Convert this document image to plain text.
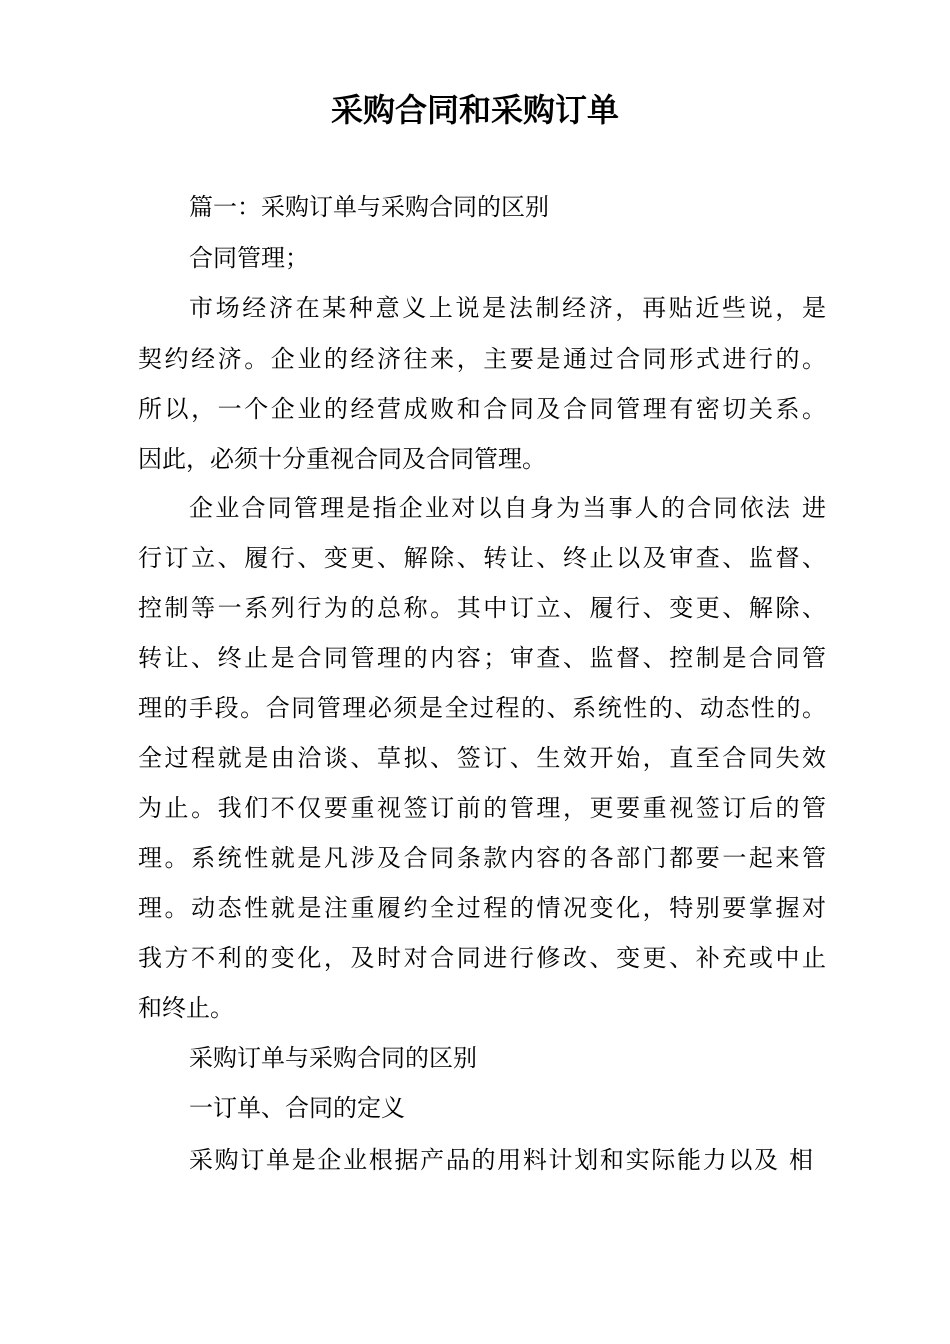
采购合同和采购订单

篇一：采购订单与采购合同的区别

合同管理；

市场经济在某种意义上说是法制经济，再贴近些说，是

契约经济。企业的经济往来，主要是通过合同形式进行的。

所以，一个企业的经营成败和合同及合同管理有密切关系。

因此，必须十分重视合同及合同管理。

企业合同管理是指企业对以自身为当事人的合同依法 进

行订立、履行、变更、解除、转让、终止以及审查、监督、

控制等一系列行为的总称。其中订立、履行、变更、解除、

转让、终止是合同管理的内容；审查、监督、控制是合同管

理的手段。合同管理必须是全过程的、系统性的、动态性的。

全过程就是由洽谈、草拟、签订、生效开始，直至合同失效

为止。我们不仅要重视签订前的管理，更要重视签订后的管

理。系统性就是凡涉及合同条款内容的各部门都要一起来管

理。动态性就是注重履约全过程的情况变化，特别要掌握对

我方不利的变化，及时对合同进行修改、变更、补充或中止

和终止。

采购订单与采购合同的区别

一订单、合同的定义

采购订单是企业根据产品的用料计划和实际能力以及 相
